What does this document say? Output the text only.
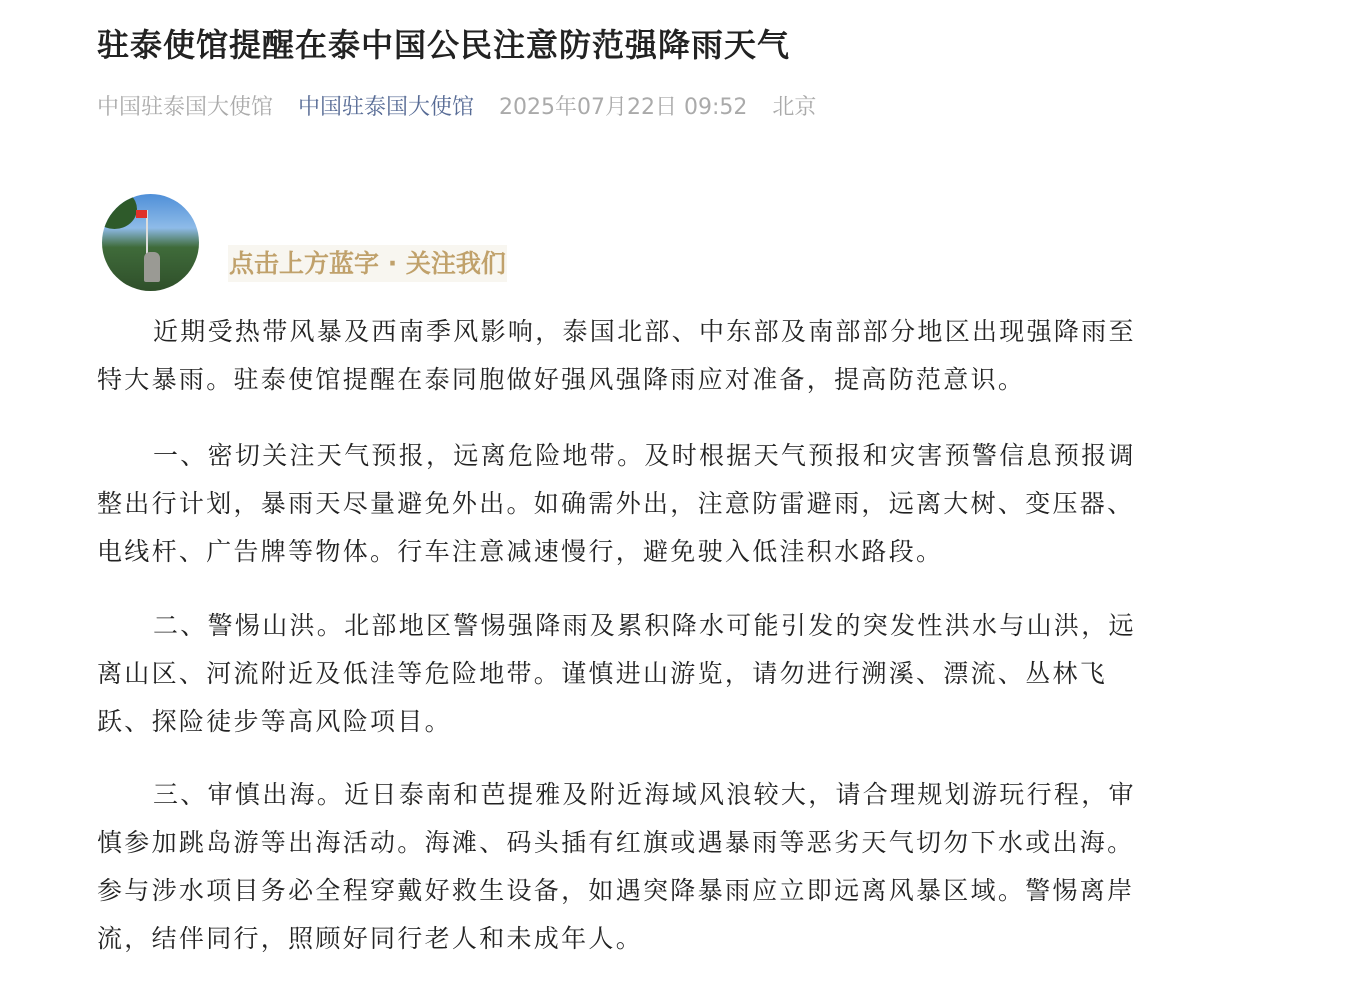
驻泰使馆提醒在泰中国公民注意防范强降雨天气
中国驻泰国大使馆 中国驻泰国大使馆 2025年07月22日 09:52 北京
点击上方蓝字 · 关注我们
近期受热带风暴及西南季风影响，泰国北部、中东部及南部部分地区出现强降雨至
特大暴雨。驻泰使馆提醒在泰同胞做好强风强降雨应对准备，提高防范意识。
一、密切关注天气预报，远离危险地带。及时根据天气预报和灾害预警信息预报调
整出行计划，暴雨天尽量避免外出。如确需外出，注意防雷避雨，远离大树、变压器、
电线杆、广告牌等物体。行车注意减速慢行，避免驶入低洼积水路段。
二、警惕山洪。北部地区警惕强降雨及累积降水可能引发的突发性洪水与山洪，远
离山区、河流附近及低洼等危险地带。谨慎进山游览，请勿进行溯溪、漂流、丛林飞
跃、探险徒步等高风险项目。
三、审慎出海。近日泰南和芭提雅及附近海域风浪较大，请合理规划游玩行程，审
慎参加跳岛游等出海活动。海滩、码头插有红旗或遇暴雨等恶劣天气切勿下水或出海。
参与涉水项目务必全程穿戴好救生设备，如遇突降暴雨应立即远离风暴区域。警惕离岸
流，结伴同行，照顾好同行老人和未成年人。
